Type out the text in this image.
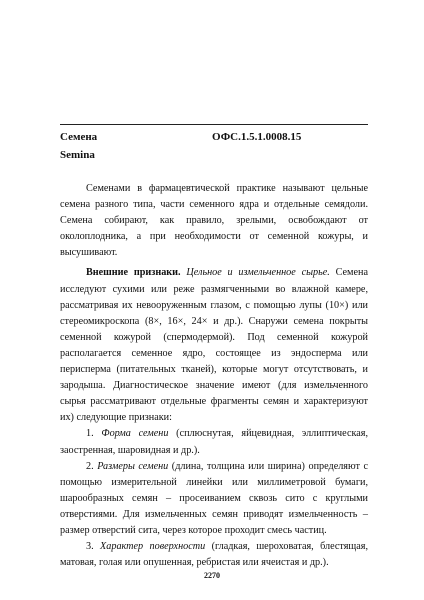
Семена	ОФС.1.5.1.0008.15
Semina

Семенами в фармацевтической практике называют цельные семена разного типа, части семенного ядра и отдельные семядоли. Семена собирают, как правило, зрелыми, освобождают от околоплодника, а при необходимости от семенной кожуры, и высушивают.

Внешние признаки. Цельное и измельченное сырье. Семена исследуют сухими или реже размягченными во влажной камере, рассматривая их невооруженным глазом, с помощью лупы (10×) или стереомикроскопа (8×, 16×, 24× и др.). Снаружи семена покрыты семенной кожурой (спермодермой). Под семенной кожурой располагается семенное ядро, состоящее из эндосперма или перисперма (питательных тканей), которые могут отсутствовать, и зародыша. Диагностическое значение имеют (для измельченного сырья рассматривают отдельные фрагменты семян и характеризуют их) следующие признаки:

1. Форма семени (сплюснутая, яйцевидная, эллиптическая, заостренная, шаровидная и др.).

2. Размеры семени (длина, толщина или ширина) определяют с помощью измерительной линейки или миллиметровой бумаги, шарообразных семян – просеиванием сквозь сито с круглыми отверстиями. Для измельченных семян приводят измельченность – размер отверстий сита, через которое проходит смесь частиц.

3. Характер поверхности (гладкая, шероховатая, блестящая, матовая, голая или опушенная, ребристая или ячеистая и др.).

2270
